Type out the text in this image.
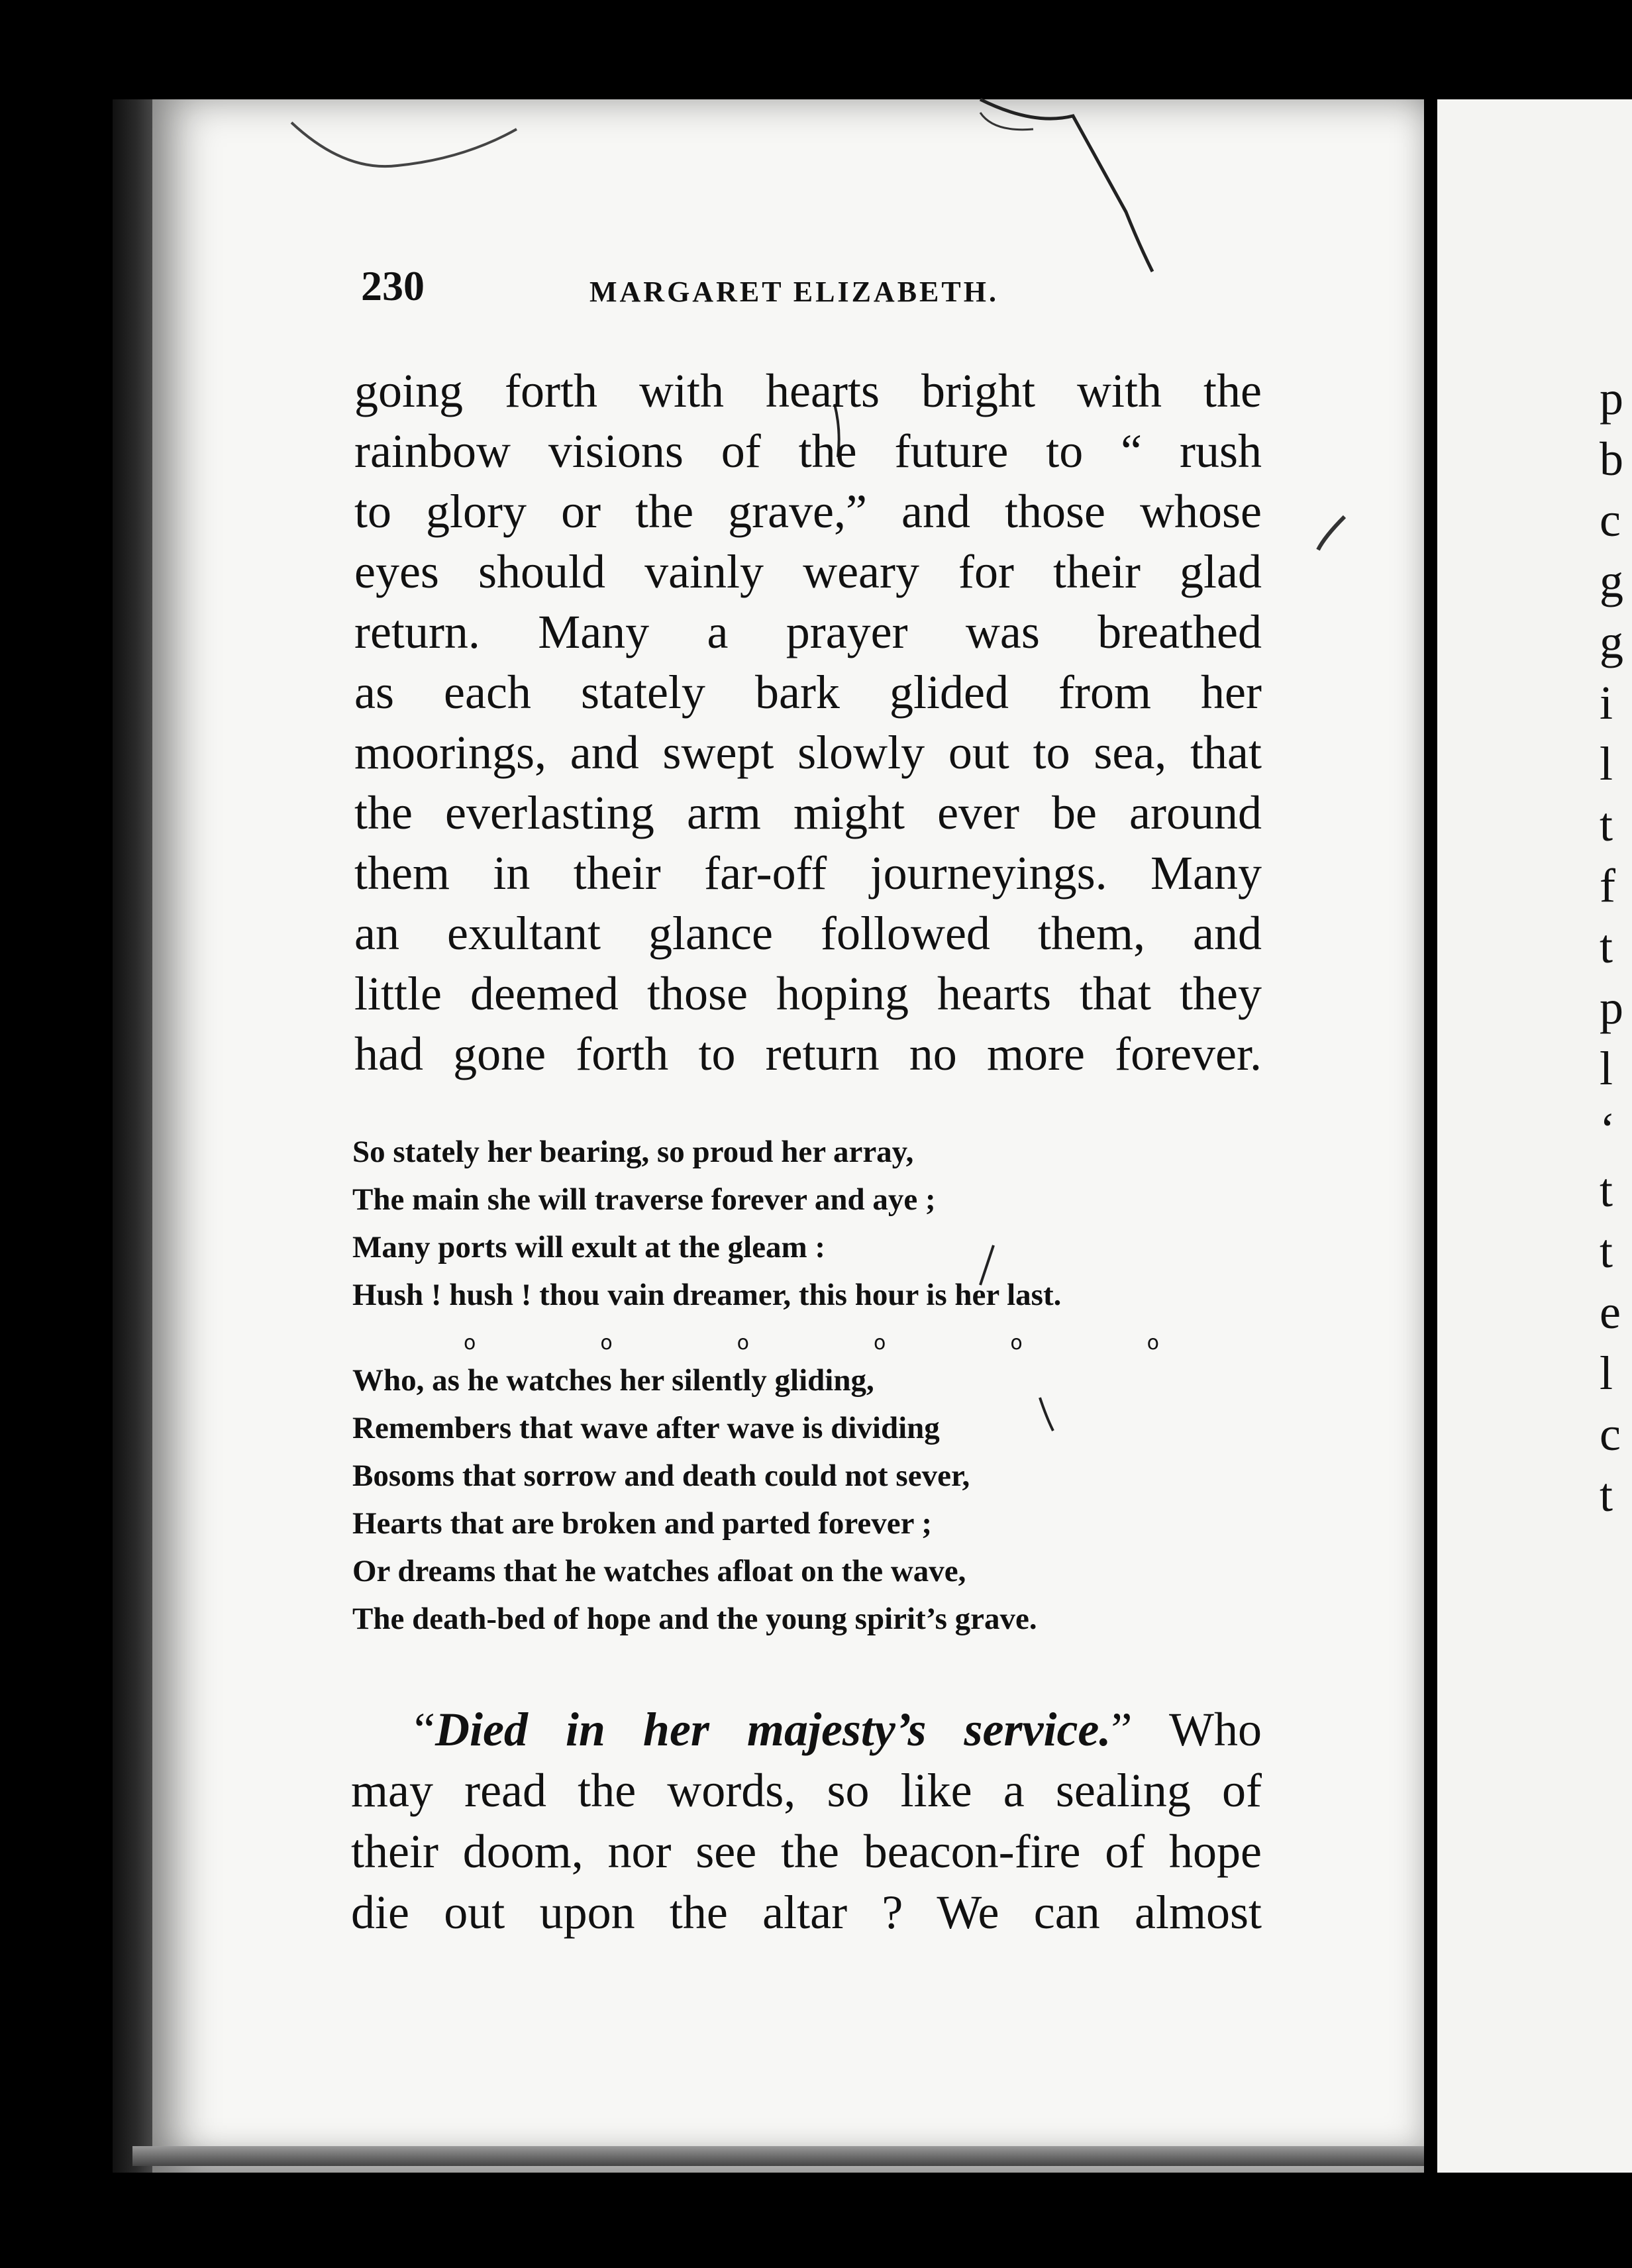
230	MARGARET ELIZABETH.
going forth with hearts bright with the
rainbow visions of the future to “ rush
to glory or the grave,” and those whose
eyes should vainly weary for their glad
return. Many a prayer was breathed
as each stately bark glided from her
moorings, and swept slowly out to sea, that
the everlasting arm might ever be around
them in their far-off journeyings. Many
an exultant glance followed them, and
little deemed those hoping hearts that they
had gone forth to return no more forever.
So stately her bearing, so proud her array,
The main she will traverse forever and aye ;
Many ports will exult at the gleam :
Hush ! hush ! thou vain dreamer, this hour is her last.
o	o	o	o	o	o
Who, as he watches her silently gliding,
Remembers that wave after wave is dividing
Bosoms that sorrow and death could not sever,
Hearts that are broken and parted forever ;
Or dreams that he watches afloat on the wave,
The death-bed of hope and the young spirit’s grave.
“Died in her majesty’s service.” Who
may read the words, so like a sealing of
their doom, nor see the beacon-fire of hope
die out upon the altar ? We can almost
p
b
c
g
g
i
l
t
f
t
p
l
‘
t
t
e
l
c
t
